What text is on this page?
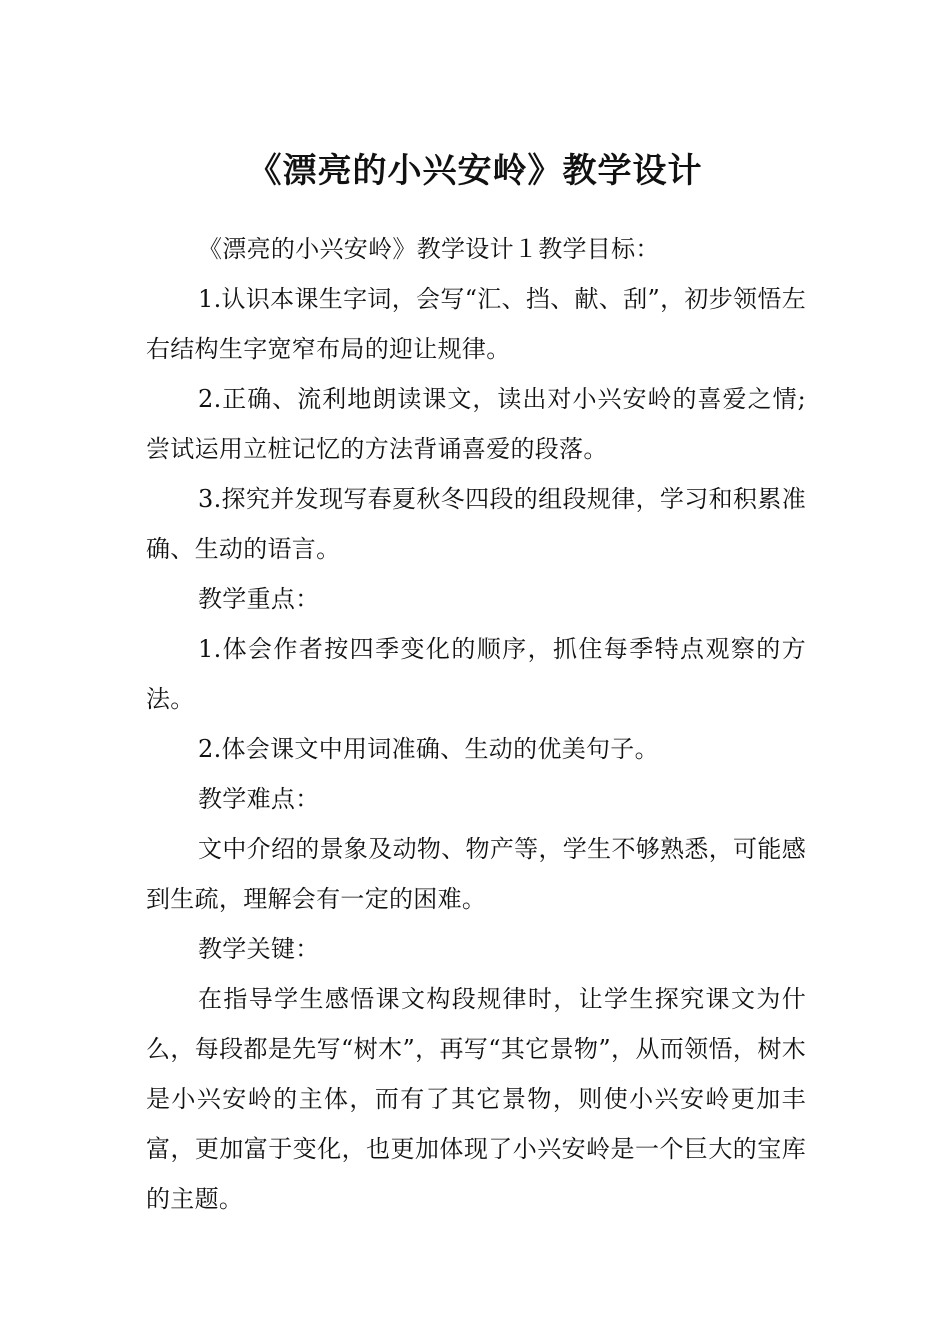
《漂亮的小兴安岭》教学设计

《漂亮的小兴安岭》教学设计１教学目标：

1.认识本课生字词，会写“汇、挡、献、刮”，初步领悟左右结构生字宽窄布局的迎让规律。

2.正确、流利地朗读课文，读出对小兴安岭的喜爱之情;尝试运用立桩记忆的方法背诵喜爱的段落。

3.探究并发现写春夏秋冬四段的组段规律，学习和积累准确、生动的语言。

教学重点：

1.体会作者按四季变化的顺序，抓住每季特点观察的方法。

2.体会课文中用词准确、生动的优美句子。

教学难点：

文中介绍的景象及动物、物产等，学生不够熟悉，可能感到生疏，理解会有一定的困难。

教学关键：

在指导学生感悟课文构段规律时，让学生探究课文为什么，每段都是先写“树木”，再写“其它景物”，从而领悟，树木是小兴安岭的主体，而有了其它景物，则使小兴安岭更加丰富，更加富于变化，也更加体现了小兴安岭是一个巨大的宝库的主题。
